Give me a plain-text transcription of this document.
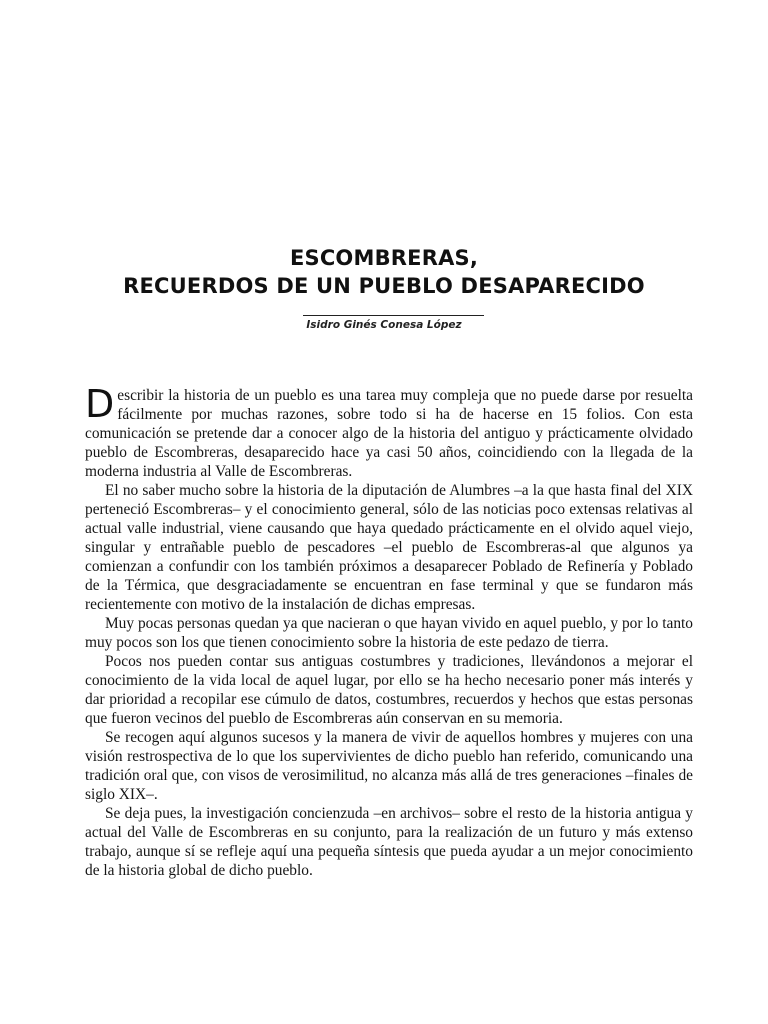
ESCOMBRERAS,
RECUERDOS DE UN PUEBLO DESAPARECIDO
Isidro Ginés Conesa López

Describir la historia de un pueblo es una tarea muy compleja que no puede darse por resuelta fácilmente por muchas razones, sobre todo si ha de hacerse en 15 folios. Con esta comunicación se pretende dar a conocer algo de la historia del antiguo y prácticamente olvidado pueblo de Escombreras, desaparecido hace ya casi 50 años, coincidiendo con la llegada de la moderna industria al Valle de Escombreras.

El no saber mucho sobre la historia de la diputación de Alumbres –a la que hasta final del XIX perteneció Escombreras– y el conocimiento general, sólo de las noticias poco extensas relativas al actual valle industrial, viene causando que haya quedado prácticamente en el olvido aquel viejo, singular y entrañable pueblo de pescadores –el pueblo de Escombreras-al que algunos ya comienzan a confundir con los también próximos a desaparecer Poblado de Refinería y Poblado de la Térmica, que desgraciadamente se encuentran en fase terminal y que se fundaron más recientemente con motivo de la instalación de dichas empresas.

Muy pocas personas quedan ya que nacieran o que hayan vivido en aquel pueblo, y por lo tanto muy pocos son los que tienen conocimiento sobre la historia de este pedazo de tierra.

Pocos nos pueden contar sus antiguas costumbres y tradiciones, llevándonos a mejorar el conocimiento de la vida local de aquel lugar, por ello se ha hecho necesario poner más interés y dar prioridad a recopilar ese cúmulo de datos, costumbres, recuerdos y hechos que estas personas que fueron vecinos del pueblo de Escombreras aún conservan en su memoria.

Se recogen aquí algunos sucesos y la manera de vivir de aquellos hombres y mujeres con una visión restrospectiva de lo que los supervivientes de dicho pueblo han referido, comunicando una tradición oral que, con visos de verosimilitud, no alcanza más allá de tres generaciones –finales de siglo XIX–.

Se deja pues, la investigación concienzuda –en archivos– sobre el resto de la historia antigua y actual del Valle de Escombreras en su conjunto, para la realización de un futuro y más extenso trabajo, aunque sí se refleje aquí una pequeña síntesis que pueda ayudar a un mejor conocimiento de la historia global de dicho pueblo.
